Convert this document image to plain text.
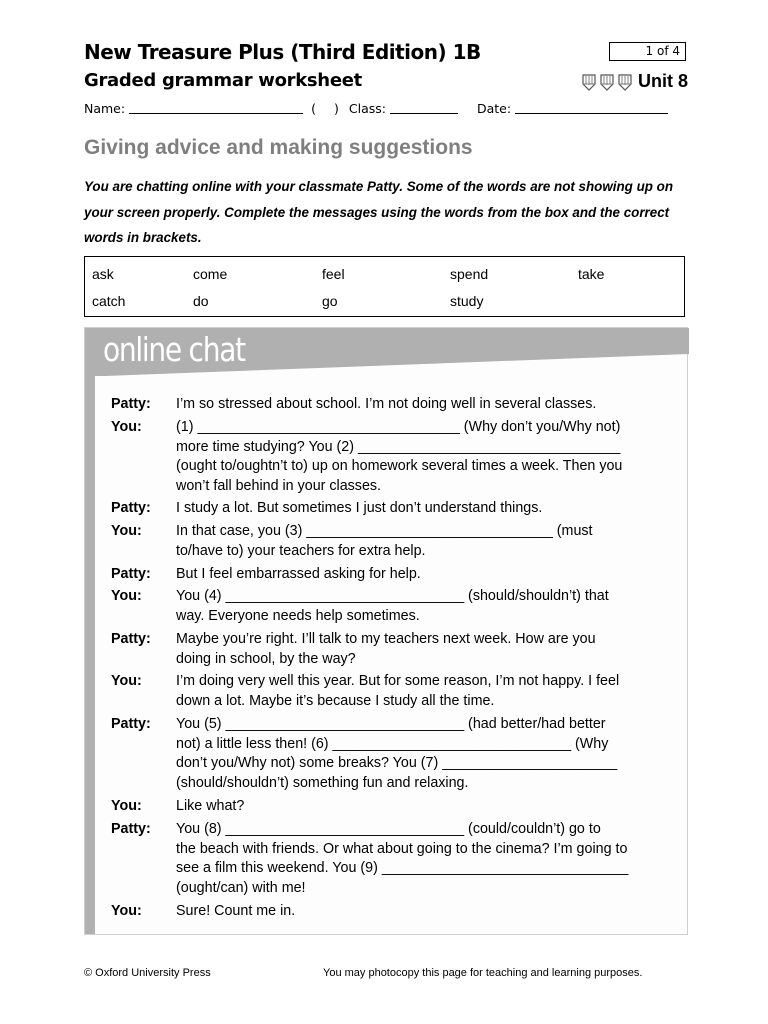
New Treasure Plus (Third Edition) 1B	1 of 4
Graded grammar worksheet	Unit 8
Name:	( ) Class:	Date:
Giving advice and making suggestions
You are chatting online with your classmate Patty. Some of the words are not showing up on your screen properly. Complete the messages using the words from the box and the correct words in brackets.
ask	come	feel	spend	take
catch	do	go	study
online chat
Patty:	I’m so stressed about school. I’m not doing well in several classes.
You:	(1) _________________________________ (Why don’t you/Why not)
more time studying? You (2) _________________________________
(ought to/oughtn’t to) up on homework several times a week. Then you
won’t fall behind in your classes.
Patty:	I study a lot. But sometimes I just don’t understand things.
You:	In that case, you (3) _______________________________ (must
to/have to) your teachers for extra help.
Patty:	But I feel embarrassed asking for help.
You:	You (4) ______________________________ (should/shouldn’t) that
way. Everyone needs help sometimes.
Patty:	Maybe you’re right. I’ll talk to my teachers next week. How are you
doing in school, by the way?
You:	I’m doing very well this year. But for some reason, I’m not happy. I feel
down a lot. Maybe it’s because I study all the time.
Patty:	You (5) ______________________________ (had better/had better
not) a little less then! (6) ______________________________ (Why
don’t you/Why not) some breaks? You (7) ______________________
(should/shouldn’t) something fun and relaxing.
You:	Like what?
Patty:	You (8) ______________________________ (could/couldn’t) go to
the beach with friends. Or what about going to the cinema? I’m going to
see a film this weekend. You (9) _______________________________
(ought/can) with me!
You:	Sure! Count me in.
© Oxford University Press	You may photocopy this page for teaching and learning purposes.
